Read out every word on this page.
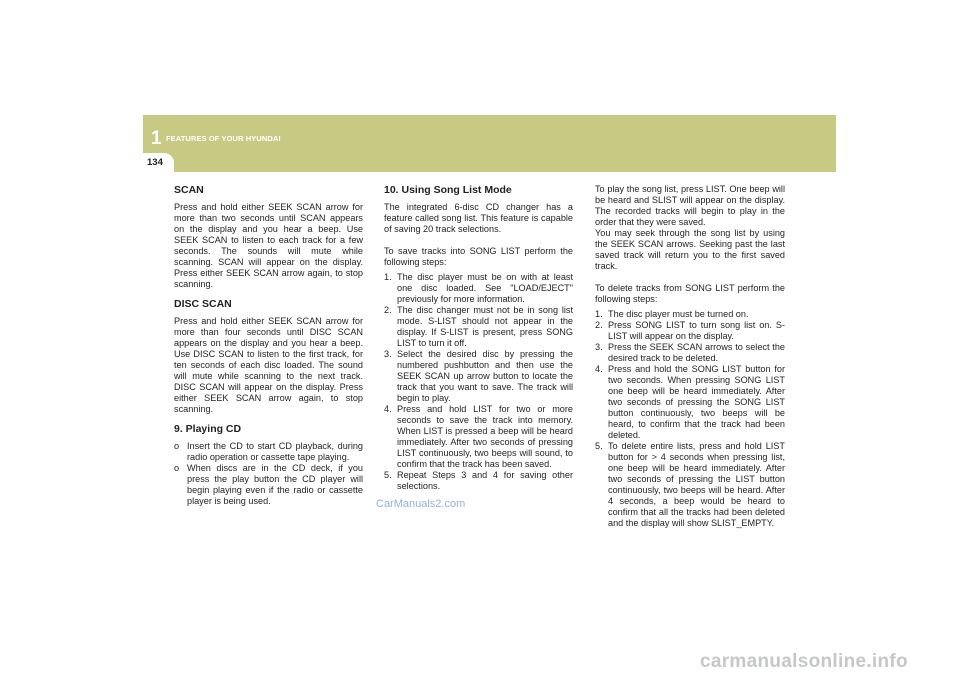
1 FEATURES OF YOUR HYUNDAI
134
SCAN

Press and hold either SEEK SCAN arrow for more than two seconds until SCAN appears on the display and you hear a beep. Use SEEK SCAN to listen to each track for a few seconds. The sounds will mute while scanning. SCAN will appear on the display. Press either SEEK SCAN arrow again, to stop scanning.

DISC SCAN

Press and hold either SEEK SCAN arrow for more than four seconds until DISC SCAN appears on the display and you hear a beep. Use DISC SCAN to listen to the first track, for ten seconds of each disc loaded. The sound will mute while scanning to the next track. DISC SCAN will appear on the display. Press either SEEK SCAN arrow again, to stop scanning.

9. Playing CD
o Insert the CD to start CD playback, during radio operation or cassette tape playing.
o When discs are in the CD deck, if you press the play button the CD player will begin playing even if the radio or cassette player is being used.
10. Using Song List Mode

The integrated 6-disc CD changer has a feature called song list. This feature is capable of saving 20 track selections.

To save tracks into SONG LIST perform the following steps:

1. The disc player must be on with at least one disc loaded. See "LOAD/EJECT" previously for more information.
2. The disc changer must not be in song list mode. S-LIST should not appear in the display. If S-LIST is present, press SONG LIST to turn it off.
3. Select the desired disc by pressing the numbered pushbutton and then use the SEEK SCAN up arrow button to locate the track that you want to save. The track will begin to play.
4. Press and hold LIST for two or more seconds to save the track into memory. When LIST is pressed a beep will be heard immediately. After two seconds of pressing LIST continuously, two beeps will sound, to confirm that the track has been saved.
5. Repeat Steps 3 and 4 for saving other selections.

To play the song list, press LIST. One beep will be heard and SLIST will appear on the display. The recorded tracks will begin to play in the order that they were saved.

You may seek through the song list by using the SEEK SCAN arrows. Seeking past the last saved track will return you to the first saved track.

To delete tracks from SONG LIST perform the following steps:

1. The disc player must be turned on.
2. Press SONG LIST to turn song list on. S-LIST will appear on the display.
3. Press the SEEK SCAN arrows to select the desired track to be deleted.
4. Press and hold the SONG LIST button for two seconds. When pressing SONG LIST one beep will be heard immediately. After two seconds of pressing the SONG LIST button continuously, two beeps will be heard, to confirm that the track had been deleted.
5. To delete entire lists, press and hold LIST button for > 4 seconds when pressing list, one beep will be heard immediately. After two seconds of pressing the LIST button continuously, two beeps will be heard. After 4 seconds, a beep would be heard to confirm that all the tracks had been deleted and the display will show SLIST_EMPTY.
CarManuals2.com
carmanualsonline.info
